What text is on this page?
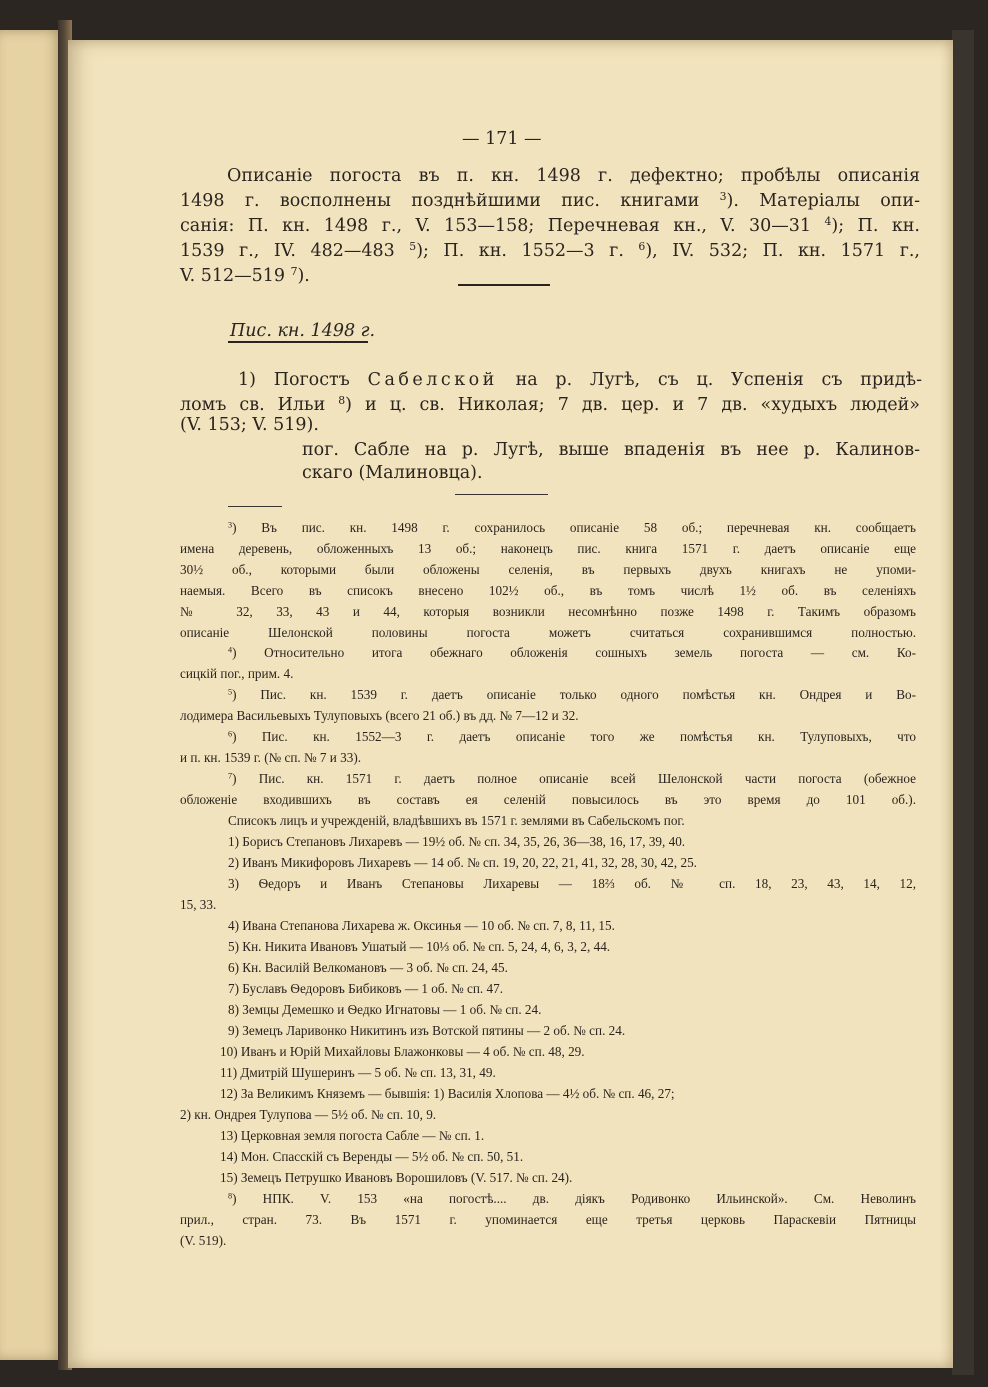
— 171 —
Описаніе погоста въ п. кн. 1498 г. дефектно; пробѣлы описанія
1498 г. восполнены позднѣйшими пис. книгами $^3$). Матеріалы опи-
санія: П. кн. 1498 г., V. 153—158; Перечневая кн., V. 30—31 $^4$); П. кн.
1539 г., IV. 482—483 $^5$); П. кн. 1552—3 г. $^6$), IV. 532; П. кн. 1571 г.,
V. 512—519 $^7$).
Пис. кн. 1498 г.
1) Погостъ Сабелской на р. Лугѣ, съ ц. Успенія съ придѣ-
ломъ св. Ильи $^8$) и ц. св. Николая; 7 дв. цер. и 7 дв. «худыхъ людей»
(V. 153; V. 519).
пог. Сабле на р. Лугѣ, выше впаденія въ нее р. Калинов-
скаго (Малиновца).
$^3$) Въ пис. кн. 1498 г. сохранилось описаніе 58 об.; перечневая кн. сообщаетъ
имена деревень, обложенныхъ 13 об.; наконецъ пис. книга 1571 г. даетъ описаніе еще
30½ об., которыми были обложены селенія, въ первыхъ двухъ книгахъ не упоми-
наемыя. Всего въ списокъ внесено 102½ об., въ томъ числѣ 1½ об. въ селеніяхъ
№ 32, 33, 43 и 44, которыя возникли несомнѣнно позже 1498 г. Такимъ образомъ
описаніе Шелонской половины погоста можетъ считаться сохранившимся полностью.
$^4$) Относительно итога обежнаго обложенія сошныхъ земель погоста — см. Ко-
сицкій пог., прим. 4.
$^5$) Пис. кн. 1539 г. даетъ описаніе только одного помѣстья кн. Ондрея и Во-
лодимера Васильевыхъ Тулуповыхъ (всего 21 об.) въ дд. № 7—12 и 32.
$^6$) Пис. кн. 1552—3 г. даетъ описаніе того же помѣстья кн. Тулуповыхъ, что
и п. кн. 1539 г. (№ сп. № 7 и 33).
$^7$) Пис. кн. 1571 г. даетъ полное описаніе всей Шелонской части погоста (обежное
обложеніе входившихъ въ составъ ея селеній повысилось въ это время до 101 об.).
Списокъ лицъ и учрежденій, владѣвшихъ въ 1571 г. землями въ Сабельскомъ пог.
1) Борисъ Степановъ Лихаревъ — 19½ об. № сп. 34, 35, 26, 36—38, 16, 17, 39, 40.
2) Иванъ Микифоровъ Лихаревъ — 14 об. № сп. 19, 20, 22, 21, 41, 32, 28, 30, 42, 25.
3) Ѳедоръ и Иванъ Степановы Лихаревы — 18⅔ об. № сп. 18, 23, 43, 14, 12,
15, 33.
4) Ивана Степанова Лихарева ж. Оксинья — 10 об. № сп. 7, 8, 11, 15.
5) Кн. Никита Ивановъ Ушатый — 10⅓ об. № сп. 5, 24, 4, 6, 3, 2, 44.
6) Кн. Василій Велкомановъ — 3 об. № сп. 24, 45.
7) Буславъ Ѳедоровъ Бибиковъ — 1 об. № сп. 47.
8) Земцы Демешко и Ѳедко Игнатовы — 1 об. № сп. 24.
9) Земецъ Ларивонко Никитинъ изъ Вотской пятины — 2 об. № сп. 24.
10) Иванъ и Юрій Михайловы Блажонковы — 4 об. № сп. 48, 29.
11) Дмитрій Шушеринъ — 5 об. № сп. 13, 31, 49.
12) За Великимъ Княземъ — бывшія: 1) Василія Хлопова — 4½ об. № сп. 46, 27;
2) кн. Ондрея Тулупова — 5½ об. № сп. 10, 9.
13) Церковная земля погоста Сабле — № сп. 1.
14) Мон. Спасскій съ Веренды — 5½ об. № сп. 50, 51.
15) Земецъ Петрушко Ивановъ Ворошиловъ (V. 517. № сп. 24).
$^8$) НПК. V. 153 «на погостѣ.... дв. діякъ Родивонко Ильинской». См. Неволинъ
прил., стран. 73. Въ 1571 г. упоминается еще третья церковь Параскевіи Пятницы
(V. 519).
